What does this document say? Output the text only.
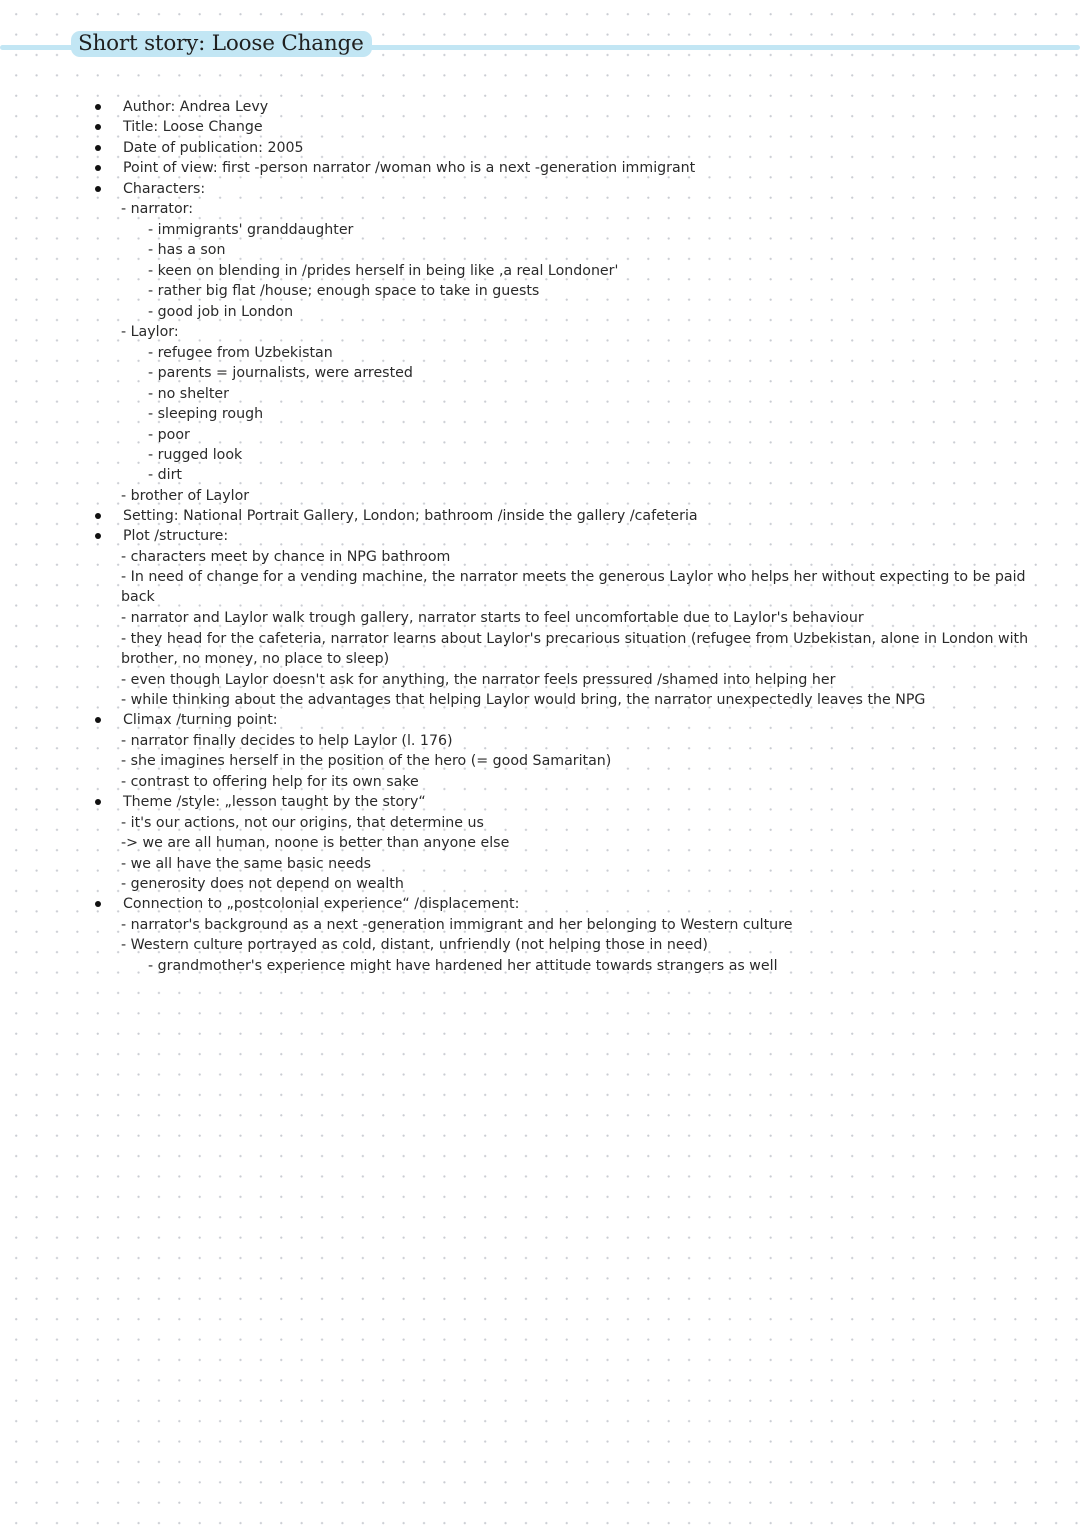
Short story: Loose Change
Author: Andrea Levy
Title: Loose Change
Date of publication: 2005
Point of view: first -person narrator /woman who is a next -generation immigrant
Characters:
- narrator:
- immigrants' granddaughter
- has a son
- keen on blending in /prides herself in being like ‚a real Londoner'
- rather big flat /house; enough space to take in guests
- good job in London
- Laylor:
- refugee from Uzbekistan
- parents = journalists, were arrested
- no shelter
- sleeping rough
- poor
- rugged look
- dirt
- brother of Laylor
Setting: National Portrait Gallery, London; bathroom /inside the gallery /cafeteria
Plot /structure:
- characters meet by chance in NPG bathroom
- In need of change for a vending machine, the narrator meets the generous Laylor who helps her without expecting to be paid back
- narrator and Laylor walk trough gallery, narrator starts to feel uncomfortable due to Laylor's behaviour
- they head for the cafeteria, narrator learns about Laylor's precarious situation (refugee from Uzbekistan, alone in London with brother, no money, no place to sleep)
- even though Laylor doesn't ask for anything, the narrator feels pressured /shamed into helping her
- while thinking about the advantages that helping Laylor would bring, the narrator unexpectedly leaves the NPG
Climax /turning point:
- narrator finally decides to help Laylor (l. 176)
- she imagines herself in the position of the hero (= good Samaritan)
- contrast to offering help for its own sake
Theme /style: „lesson taught by the story“
- it's our actions, not our origins, that determine us
-> we are all human, noone is better than anyone else
- we all have the same basic needs
- generosity does not depend on wealth
Connection to „postcolonial experience“ /displacement:
- narrator's background as a next -generation immigrant and her belonging to Western culture
- Western culture portrayed as cold, distant, unfriendly (not helping those in need)
- grandmother's experience might have hardened her attitude towards strangers as well
